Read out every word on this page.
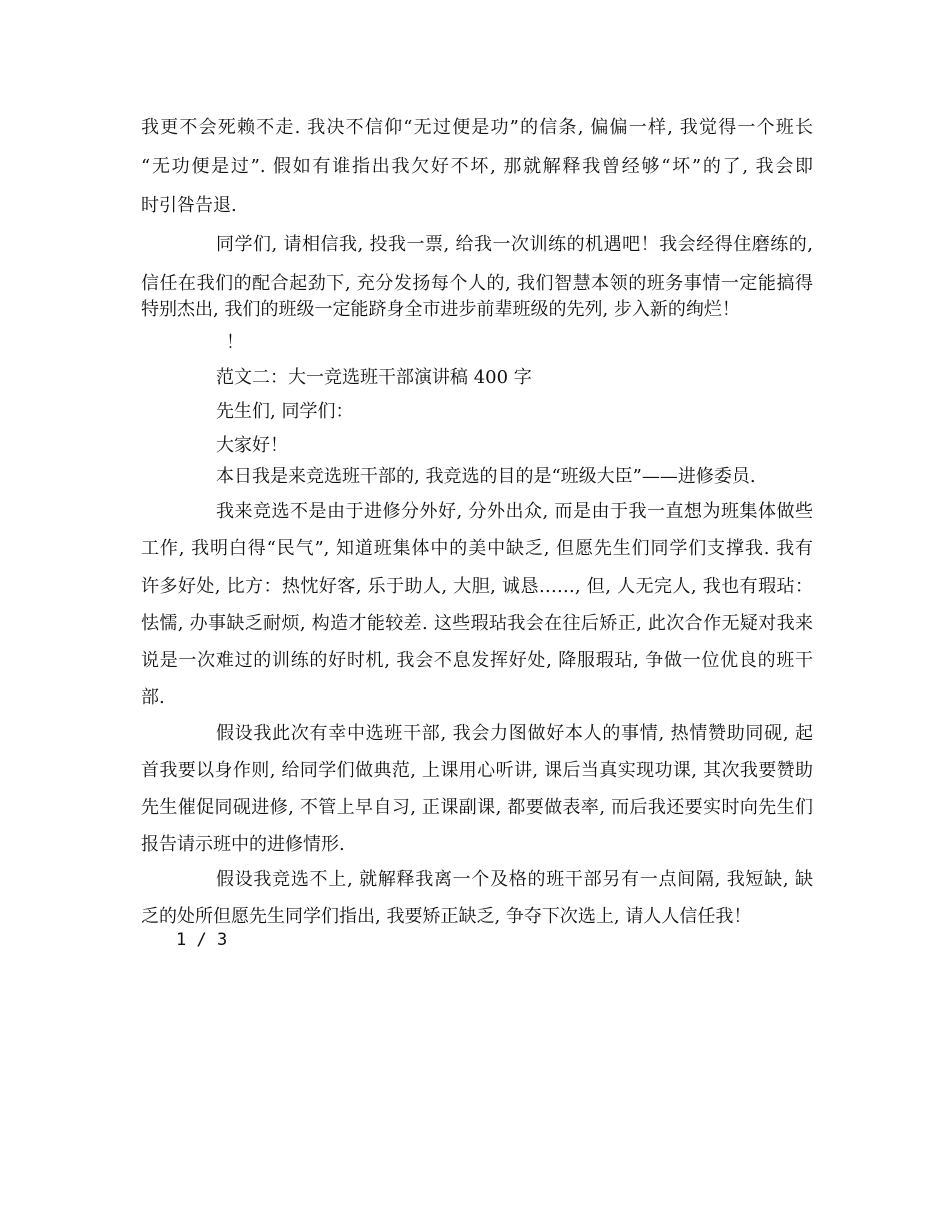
我更不会死赖不走. 我决不信仰“无过便是功”的信条, 偏偏一样, 我觉得一个班长
“无功便是过”. 假如有谁指出我欠好不坏, 那就解释我曾经够“坏”的了, 我会即
时引咎告退.
同学们, 请相信我, 投我一票, 给我一次训练的机遇吧！我会经得住磨练的,
信任在我们的配合起劲下, 充分发扬每个人的, 我们智慧本领的班务事情一定能搞得
特别杰出, 我们的班级一定能跻身全市进步前辈班级的先列, 步入新的绚烂！
！
范文二：大一竞选班干部演讲稿 400 字
先生们, 同学们：
大家好！
本日我是来竞选班干部的, 我竞选的目的是“班级大臣”——进修委员.
我来竞选不是由于进修分外好, 分外出众, 而是由于我一直想为班集体做些
工作, 我明白得“民气”, 知道班集体中的美中缺乏, 但愿先生们同学们支撑我. 我有
许多好处, 比方：热忱好客, 乐于助人, 大胆, 诚恳……, 但, 人无完人, 我也有瑕玷：
怯懦, 办事缺乏耐烦, 构造才能较差. 这些瑕玷我会在往后矫正, 此次合作无疑对我来
说是一次难过的训练的好时机, 我会不息发挥好处, 降服瑕玷, 争做一位优良的班干
部.
假设我此次有幸中选班干部, 我会力图做好本人的事情, 热情赞助同砚, 起
首我要以身作则, 给同学们做典范, 上课用心听讲, 课后当真实现功课, 其次我要赞助
先生催促同砚进修, 不管上早自习, 正课副课, 都要做表率, 而后我还要实时向先生们
报告请示班中的进修情形.
假设我竞选不上, 就解释我离一个及格的班干部另有一点间隔, 我短缺, 缺
乏的处所但愿先生同学们指出, 我要矫正缺乏, 争夺下次选上, 请人人信任我！
1 / 3
